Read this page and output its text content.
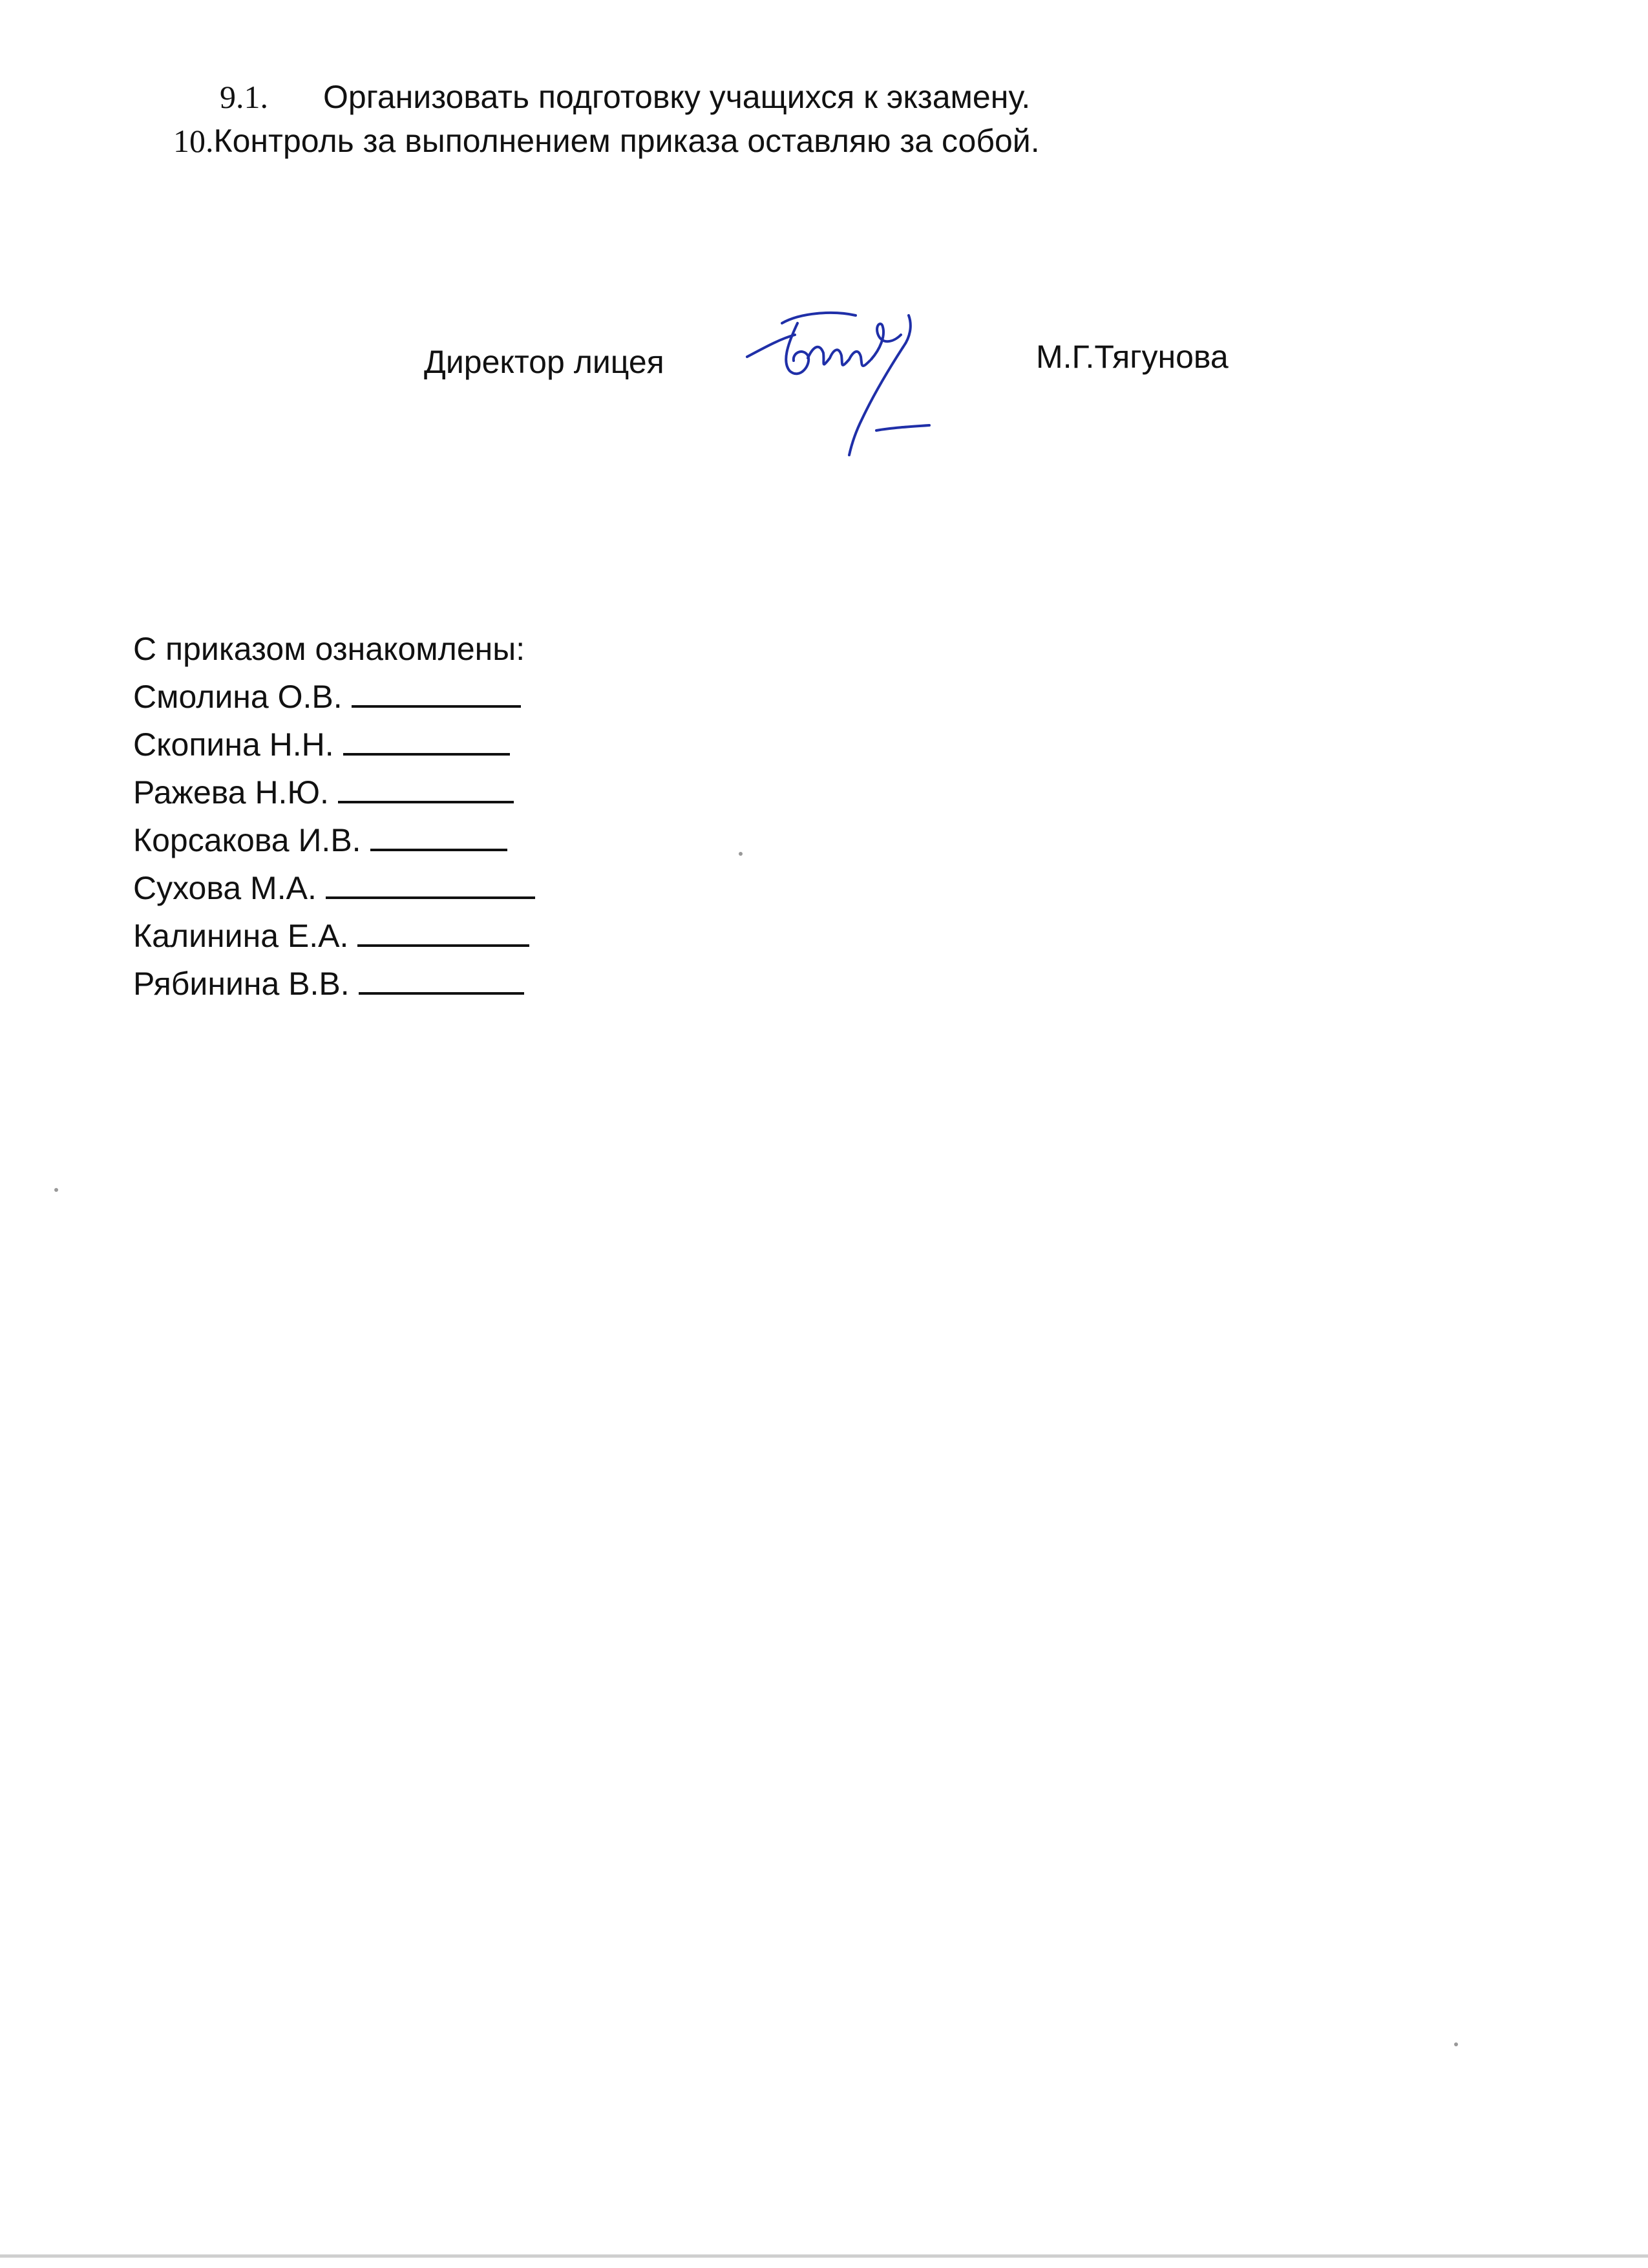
9.1. Организовать подготовку учащихся к экзамену.
10.Контроль за выполнением приказа оставляю за собой.
Директор лицея	М.Г.Тягунова
С приказом ознакомлены:
Смолина О.В.
Скопина Н.Н.
Ражева Н.Ю.
Корсакова И.В.
Сухова М.А.
Калинина Е.А.
Рябинина В.В.
